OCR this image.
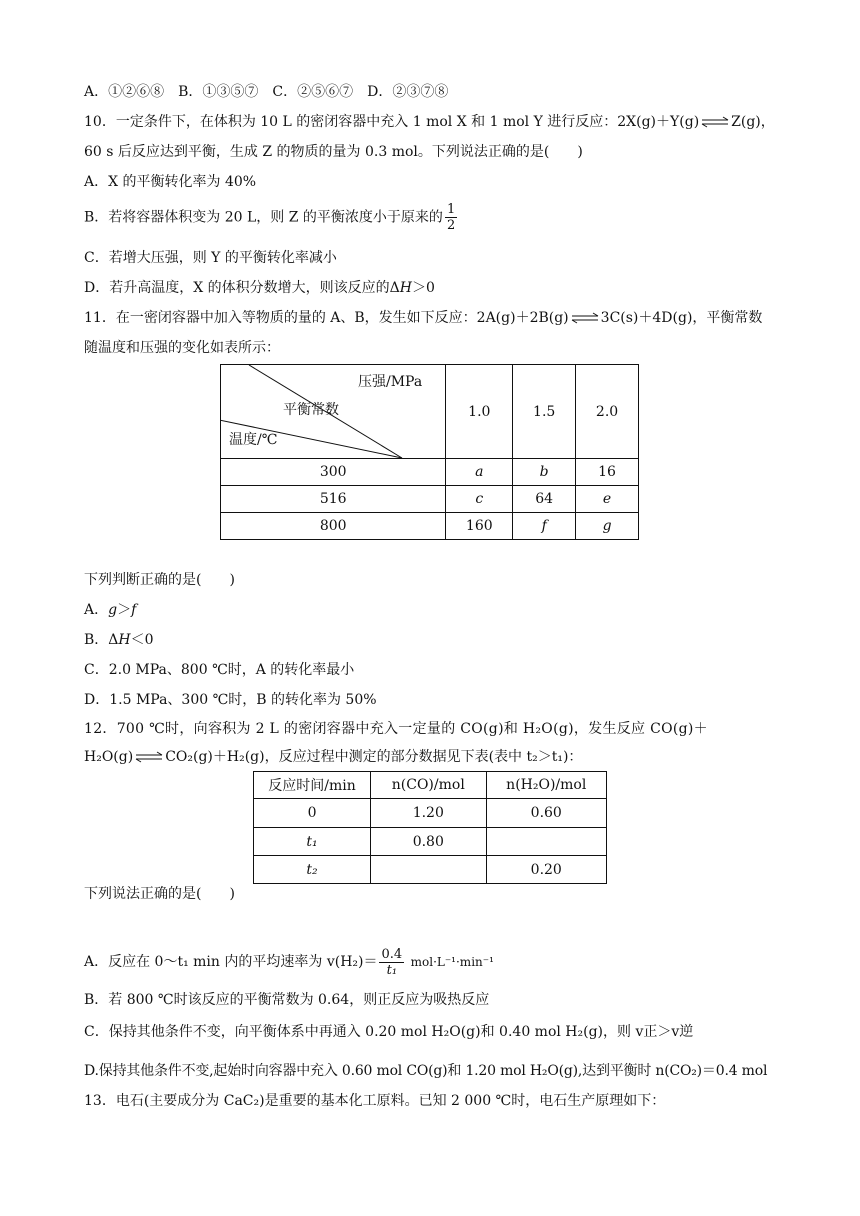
A．①②⑥⑧　B．①③⑤⑦　C．②⑤⑥⑦　D．②③⑦⑧
10．一定条件下，在体积为 10 L 的密闭容器中充入 1 mol X 和 1 mol Y 进行反应：2X(g)＋Y(g) ⇌ Z(g)，
60 s 后反应达到平衡，生成 Z 的物质的量为 0.3 mol。下列说法正确的是(　　)
A．X 的平衡转化率为 40%
B．若将容器体积变为 20 L，则 Z 的平衡浓度小于原来的 $\frac{1}{2}$
C．若增大压强，则 Y 的平衡转化率减小
D．若升高温度，X 的体积分数增大，则该反应的ΔH＞0
11．在一密闭容器中加入等物质的量的 A、B，发生如下反应：2A(g)＋2B(g) ⇌ 3C(s)＋4D(g)，平衡常数
随温度和压强的变化如表所示：
压强/MPa
平衡常数
温度/℃	1.0	1.5	2.0
300	a	b	16
516	c	64	e
800	160	f	g
下列判断正确的是(　　)
A．g＞f
B．ΔH＜0
C．2.0 MPa、800 ℃时，A 的转化率最小
D．1.5 MPa、300 ℃时，B 的转化率为 50%
12．700 ℃时，向容积为 2 L 的密闭容器中充入一定量的 CO(g)和 H₂O(g)，发生反应 CO(g)＋
H₂O(g) ⇌ CO₂(g)＋H₂(g)，反应过程中测定的部分数据见下表(表中 t₂＞t₁)：
反应时间/min	n(CO)/mol	n(H₂O)/mol
0	1.20	0.60
t₁	0.80	
t₂		0.20
下列说法正确的是(　　)
A．反应在 0～t₁ min 内的平均速率为 $v(H_2)= \frac{0.4}{\text{t₁}} mol\cdot L^{-1}\cdot\min^{-1}$
B．若 800 ℃时该反应的平衡常数为 0.64，则正反应为吸热反应
C．保持其他条件不变，向平衡体系中再通入 0.20 mol H₂O(g)和 0.40 mol H₂(g)，则 v正＞v逆
D.保持其他条件不变,起始时向容器中充入 0.60 mol CO(g)和 1.20 mol H₂O(g),达到平衡时 n(CO₂)＝0.4 mol
13．电石(主要成分为 CaC₂)是重要的基本化工原料。已知 2 000 ℃时，电石生产原理如下：
